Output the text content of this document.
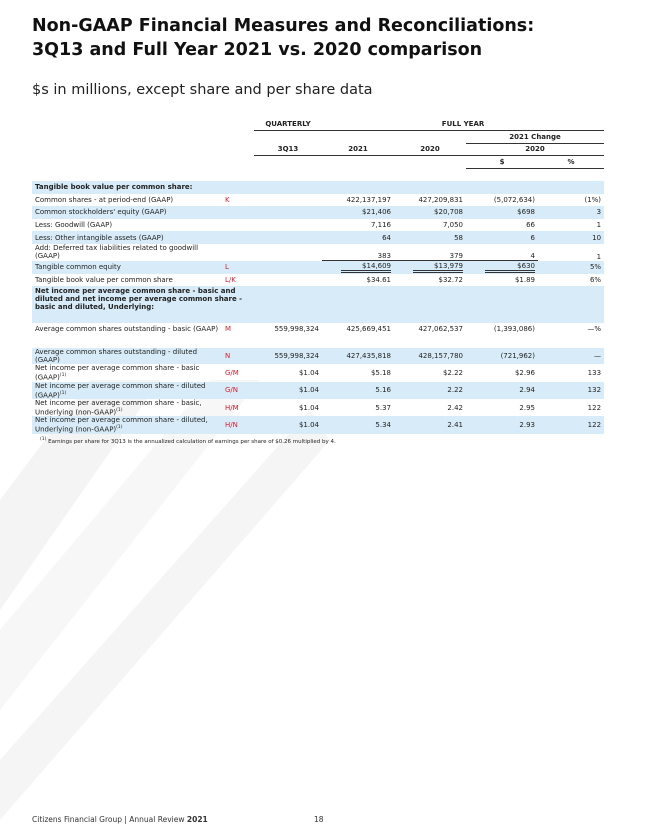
Non-GAAP Financial Measures and Reconciliations:
3Q13 and Full Year 2021 vs. 2020 comparison
$s in millions, except share and per share data
		QUARTERLY	FULL YEAR			
					2021 Change	
		3Q13	2021	2020	2020	
					$	%

Tangible book value per common share:						
Common shares - at period-end (GAAP)	K		422,137,197	427,209,831	(5,072,634)	(1%)
Common stockholders' equity (GAAP)			$21,406	$20,708	$698	3
Less: Goodwill (GAAP)			7,116	7,050	66	1
Less: Other intangible assets (GAAP)			64	58	6	10
Add: Deferred tax liabilities related to goodwill (GAAP)			383	379	4	1
Tangible common equity	L		$14,609	$13,979	$630	5%
Tangible book value per common share	L/K		$34.61	$32.72	$1.89	6%
Net income per average common share - basic and diluted and net income per average common share - basic and diluted, Underlying:						

Average common shares outstanding - basic (GAAP)	M	559,998,324	425,669,451	427,062,537	(1,393,086)	—%

Average common shares outstanding - diluted (GAAP)	N	559,998,324	427,435,818	428,157,780	(721,962)	—
Net income per average common share - basic (GAAP)$^{(1)}$	G/M	$1.04	$5.18	$2.22	$2.96	133
Net income per average common share - diluted (GAAP)$^{(1)}$	G/N	$1.04	5.16	2.22	2.94	132
Net income per average common share - basic, Underlying (non-GAAP)$^{(1)}$	H/M	$1.04	5.37	2.42	2.95	122
Net income per average common share - diluted, Underlying (non-GAAP)$^{(1)}$	H/N	$1.04	5.34	2.41	2.93	122
$^{(1)}$ Earnings per share for 3Q13 is the annualized calculation of earnings per share of $0.26 multiplied by 4.
Citizens Financial Group | Annual Review 2021	18
